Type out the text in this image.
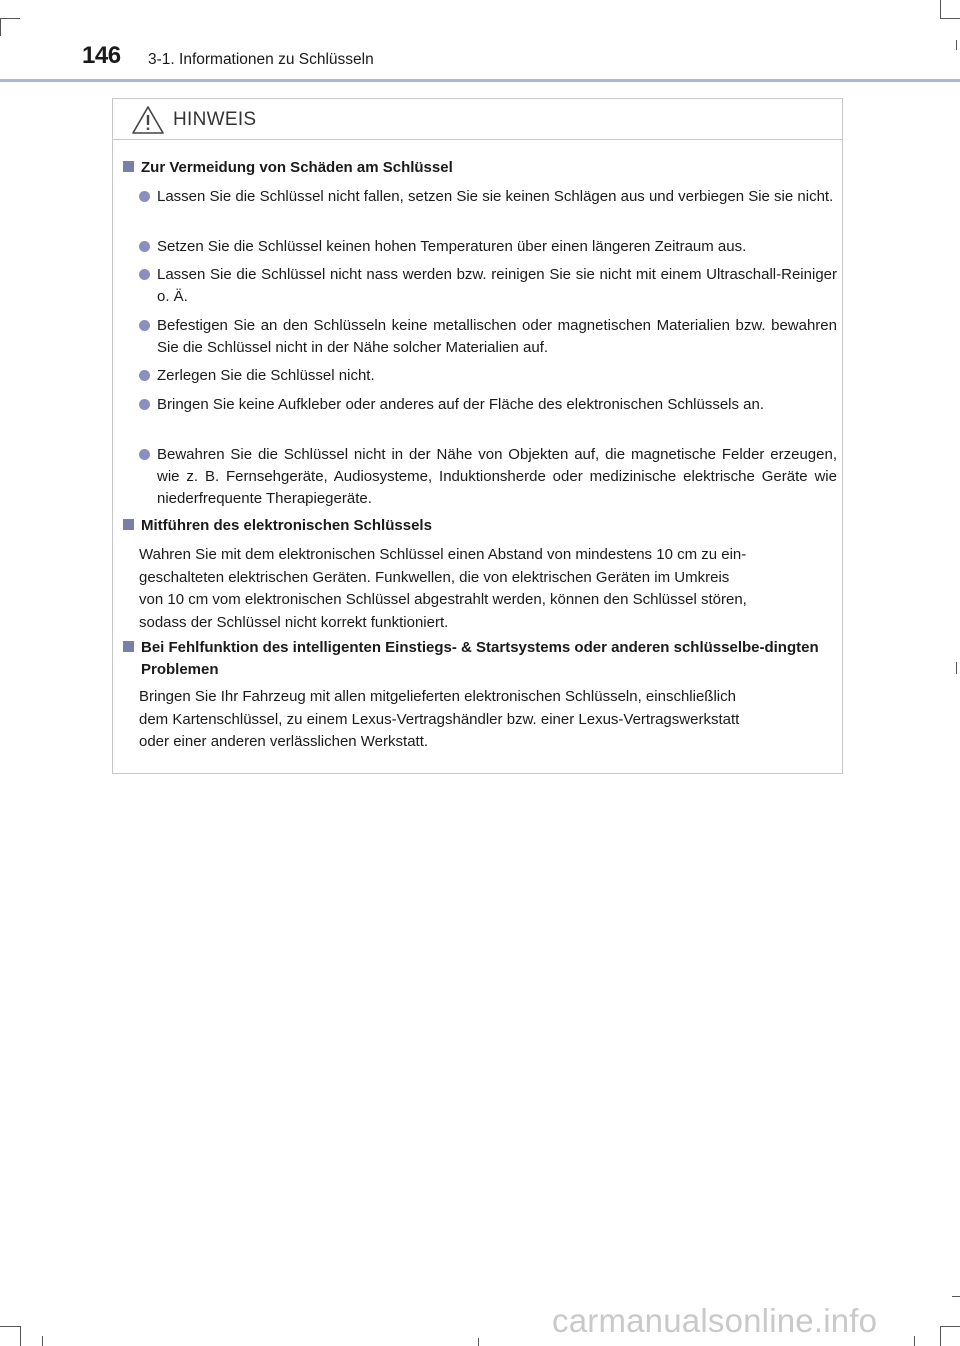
146 3-1. Informationen zu Schlüsseln
HINWEIS
Zur Vermeidung von Schäden am Schlüssel
Lassen Sie die Schlüssel nicht fallen, setzen Sie sie keinen Schlägen aus und verbiegen Sie sie nicht.
Setzen Sie die Schlüssel keinen hohen Temperaturen über einen längeren Zeitraum aus.
Lassen Sie die Schlüssel nicht nass werden bzw. reinigen Sie sie nicht mit einem Ultraschall-Reiniger o. Ä.
Befestigen Sie an den Schlüsseln keine metallischen oder magnetischen Materialien bzw. bewahren Sie die Schlüssel nicht in der Nähe solcher Materialien auf.
Zerlegen Sie die Schlüssel nicht.
Bringen Sie keine Aufkleber oder anderes auf der Fläche des elektronischen Schlüssels an.
Bewahren Sie die Schlüssel nicht in der Nähe von Objekten auf, die magnetische Felder erzeugen, wie z. B. Fernsehgeräte, Audiosysteme, Induktionsherde oder medizinische elektrische Geräte wie niederfrequente Therapiegeräte.
Mitführen des elektronischen Schlüssels
Wahren Sie mit dem elektronischen Schlüssel einen Abstand von mindestens 10 cm zu ein-
geschalteten elektrischen Geräten. Funkwellen, die von elektrischen Geräten im Umkreis
von 10 cm vom elektronischen Schlüssel abgestrahlt werden, können den Schlüssel stören,
sodass der Schlüssel nicht korrekt funktioniert.
Bei Fehlfunktion des intelligenten Einstiegs- & Startsystems oder anderen schlüsselbe-dingten Problemen
Bringen Sie Ihr Fahrzeug mit allen mitgelieferten elektronischen Schlüsseln, einschließlich
dem Kartenschlüssel, zu einem Lexus-Vertragshändler bzw. einer Lexus-Vertragswerkstatt
oder einer anderen verlässlichen Werkstatt.
carmanualsonline.info
